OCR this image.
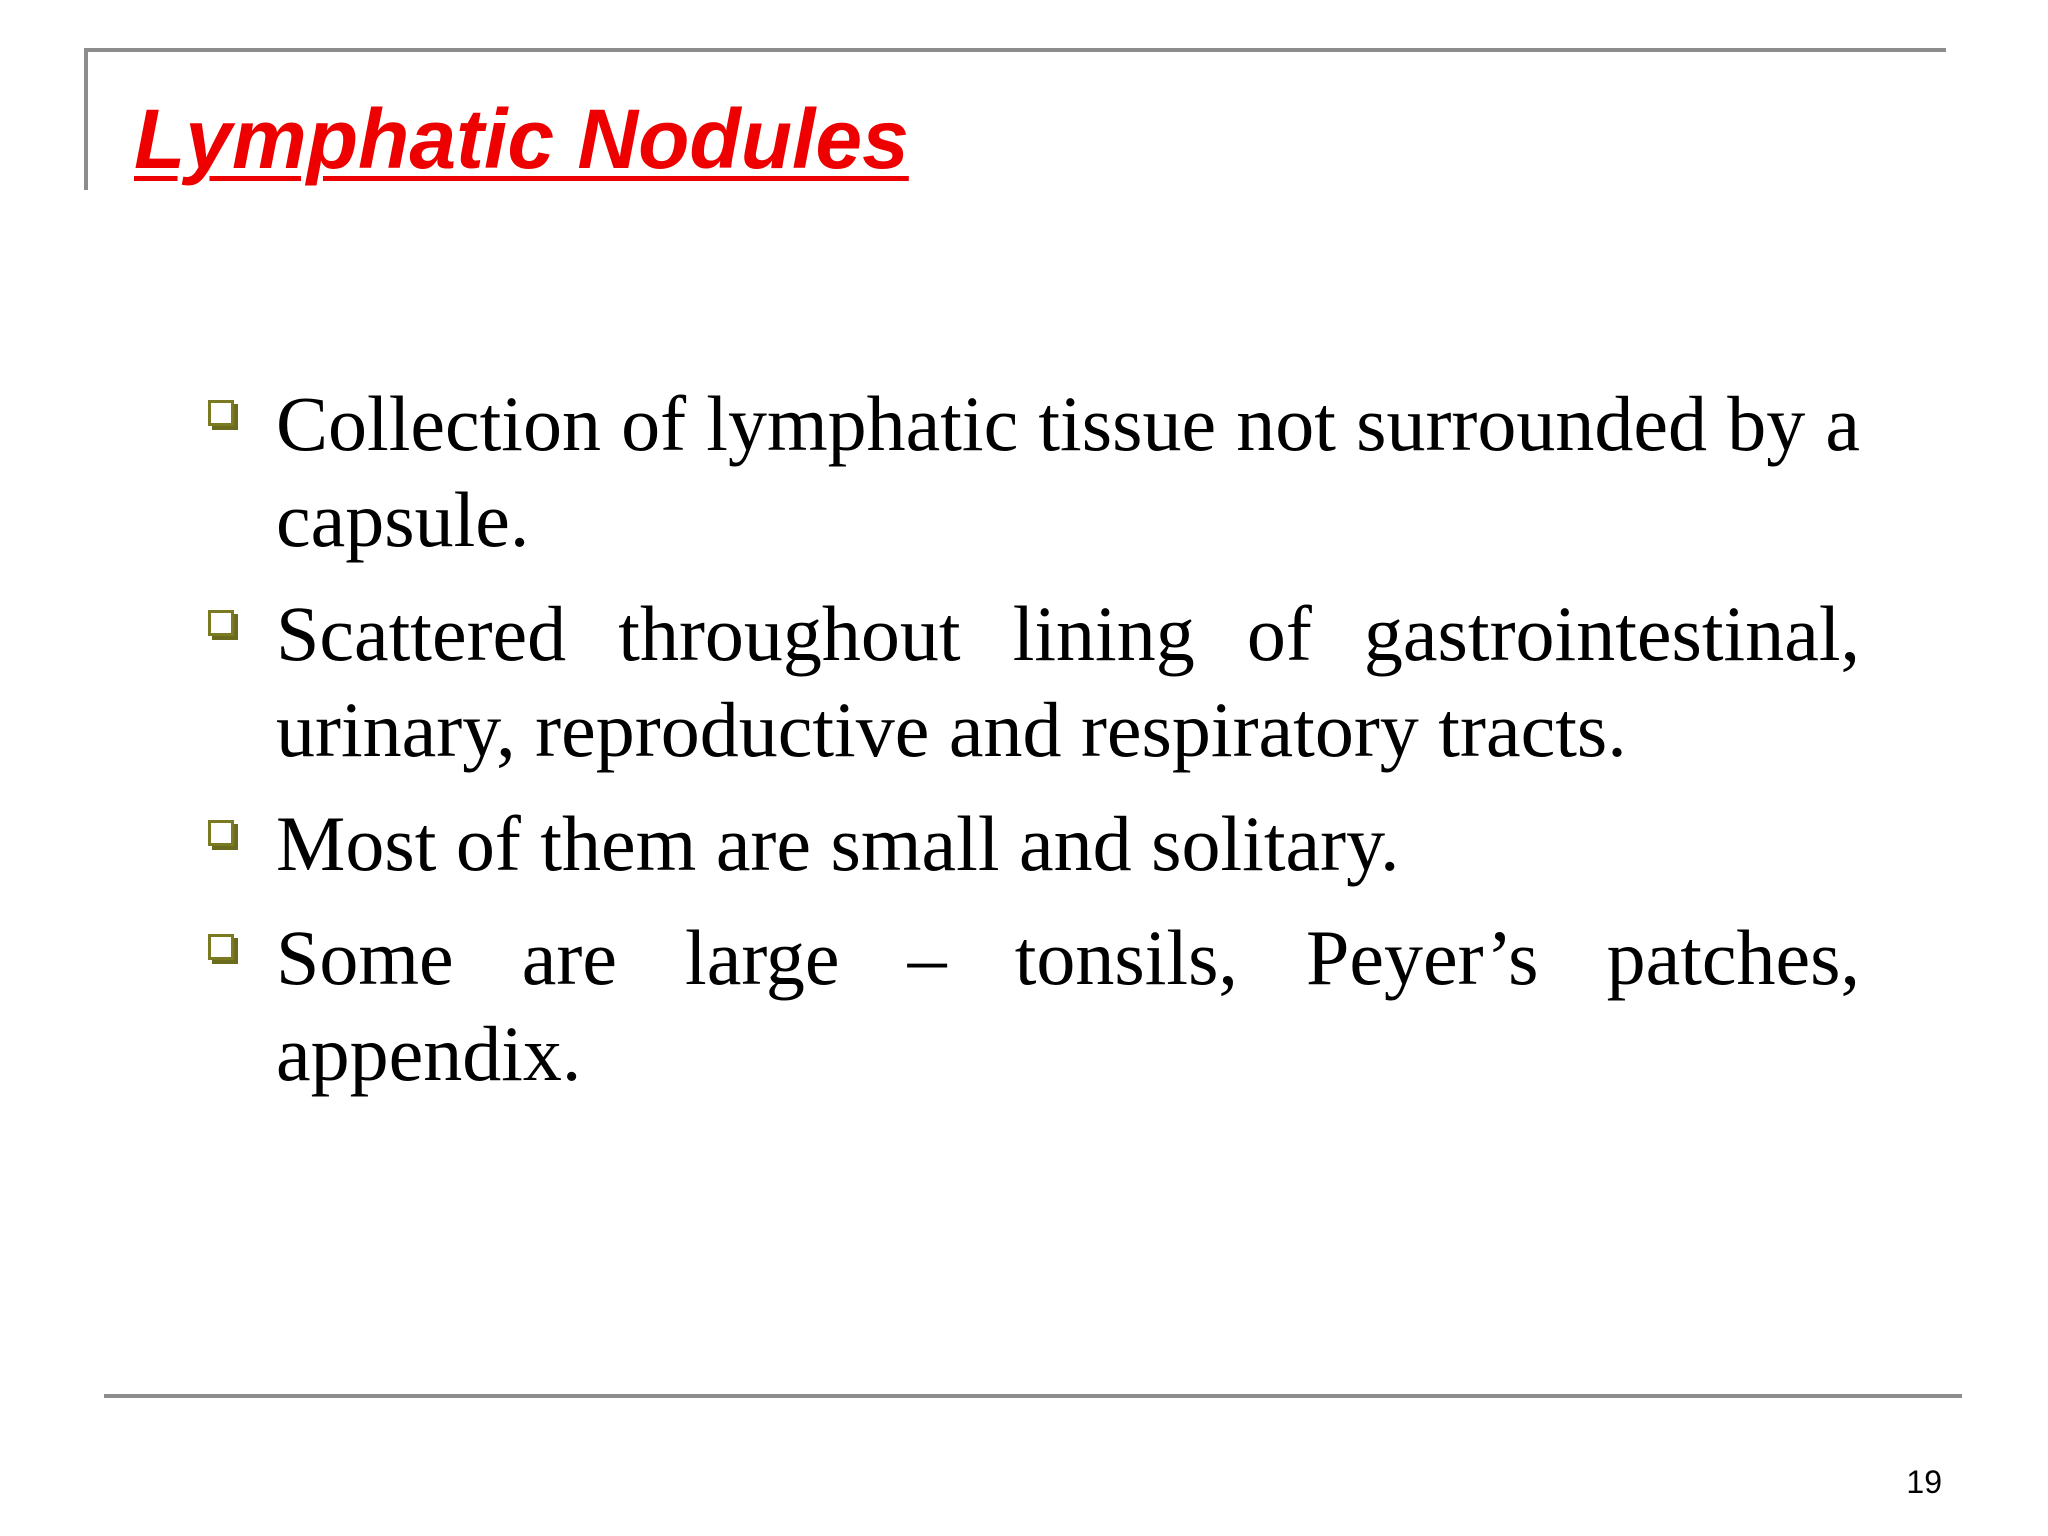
Lymphatic Nodules
Collection of lymphatic tissue not surrounded by a capsule.
Scattered throughout lining of gastrointestinal, urinary, reproductive and respiratory tracts.
Most of them are small and solitary.
Some are large – tonsils, Peyer’s patches, appendix.
19
